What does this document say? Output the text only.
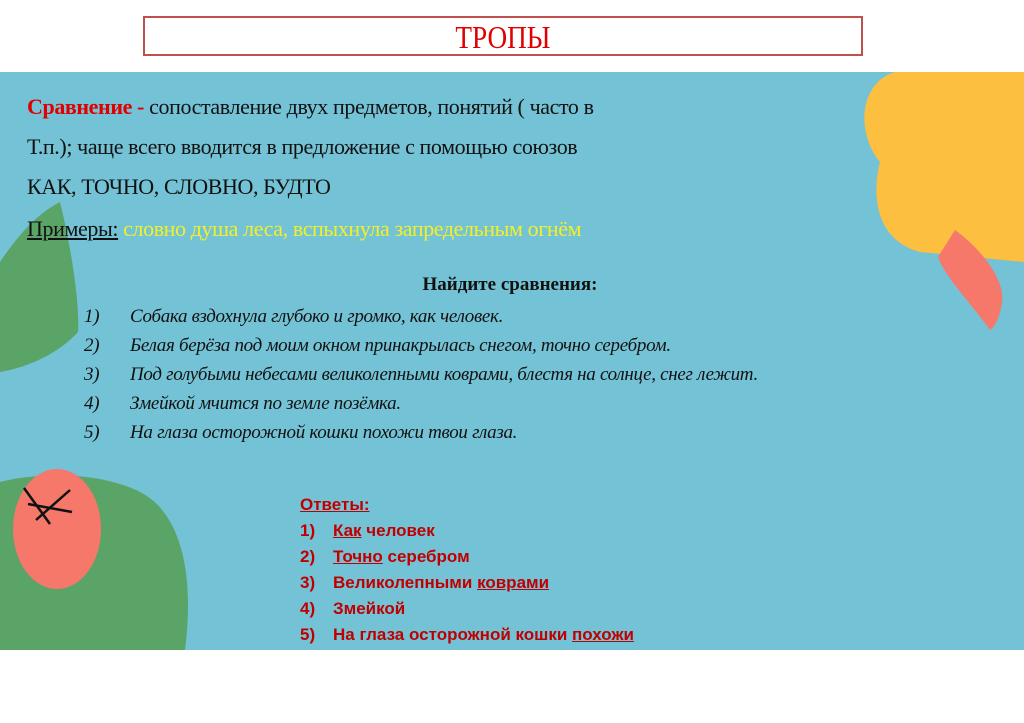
ТРОПЫ
Сравнение - сопоставление двух предметов, понятий ( часто в
Т.п.); чаще всего вводится в предложение с помощью союзов
КАК, ТОЧНО, СЛОВНО, БУДТО
Примеры: словно душа леса, вспыхнула запредельным огнём
Найдите сравнения:
1)	Собака вздохнула глубоко и громко, как человек.
2)	Белая берёза под моим окном принакрылась снегом, точно серебром.
3)	Под голубыми небесами великолепными коврами, блестя на солнце, снег лежит.
4)	Змейкой мчится по земле позёмка.
5)	На глаза осторожной кошки похожи твои глаза.
Ответы:
1) Как человек
2) Точно серебром
3) Великолепными коврами
4) Змейкой
5) На глаза осторожной кошки похожи
